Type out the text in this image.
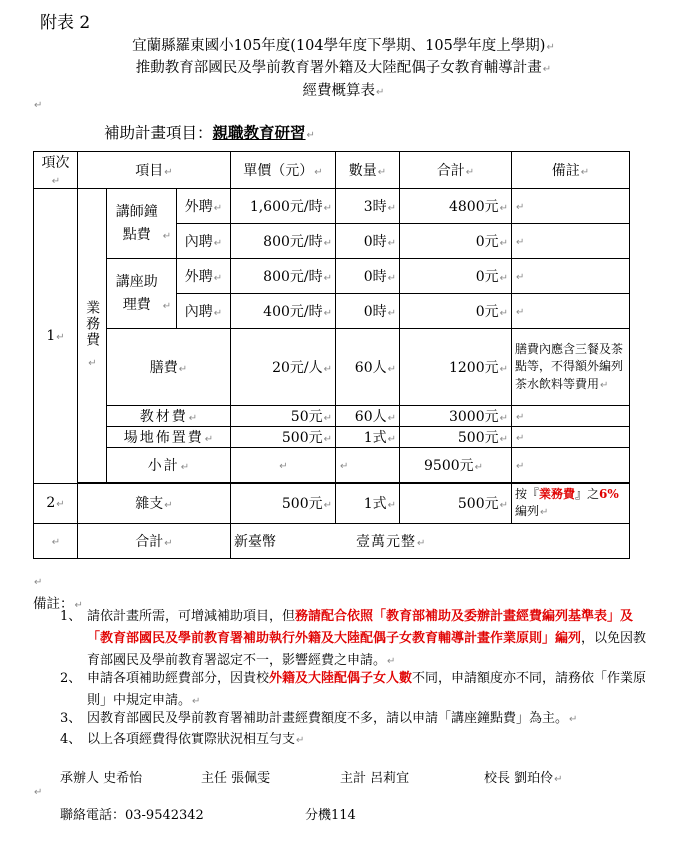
附表 2
宜蘭縣羅東國小105年度(104學年度下學期、105學年度上學期)↵
推動教育部國民及學前教育署外籍及大陸配偶子女教育輔導計畫↵
經費概算表↵
↵
補助計畫項目：親職教育研習↵
項次↵	項目↵			單價（元）↵	數量↵	合計↵	備註↵
1↵	業務費↵	講師鐘點費 ↵	外聘↵	1,600元/時↵	3時↵	4800元↵	↵
			內聘↵	800元/時↵	0時↵	0元↵	↵
		講座助理費 ↵	外聘↵	800元/時↵	0時↵	0元↵	↵
			內聘↵	400元/時↵	0時↵	0元↵	↵
		膳費↵		20元/人↵	60人↵	1200元↵	膳費內應含三餐及茶點等，不得額外編列茶水飲料等費用↵
		教材費↵		50元↵	60人↵	3000元↵	↵
		場地佈置費↵		500元↵	1式↵	500元↵	↵
		小計↵		↵	↵	9500元↵	↵

2↵	雜支↵			500元↵	1式↵	500元↵	按『業務費』之6%編列↵
↵	合計↵			新臺幣 壹萬元整↵			
↵
備註：↵
1、 請依計畫所需，可增減補助項目，但務請配合依照「教育部補助及委辦計畫經費編列基準表」及「教育部國民及學前教育署補助執行外籍及大陸配偶子女教育輔導計畫作業原則」編列，以免因教育部國民及學前教育署認定不一，影響經費之申請。↵
2、 申請各項補助經費部分，因貴校外籍及大陸配偶子女人數不同，申請額度亦不同，請務依「作業原則」中規定申請。↵
3、 因教育部國民及學前教育署補助計畫經費額度不多，請以申請「講座鐘點費」為主。↵
4、 以上各項經費得依實際狀況相互勻支↵
承辦人 史希怡	主任 張佩雯	主計 呂莉宜	校長 劉珀伶↵
↵
聯絡電話：03-9542342	分機114
